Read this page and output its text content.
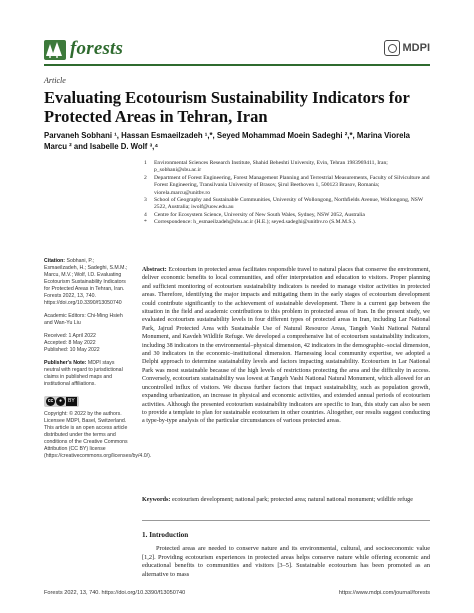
forests	MDPI
Article
Evaluating Ecotourism Sustainability Indicators for Protected Areas in Tehran, Iran
Parvaneh Sobhani ¹, Hassan Esmaeilzadeh ¹,*, Seyed Mohammad Moein Sadeghi ²,*, Marina Viorela Marcu ² and Isabelle D. Wolf ³,⁴
1	Environmental Sciences Research Institute, Shahid Beheshti University, Evin, Tehran 1983969411, Iran; p_sobhani@sbu.ac.ir
2	Department of Forest Engineering, Forest Management Planning and Terrestrial Measurements, Faculty of Silviculture and Forest Engineering, Transilvania University of Brasov, Şirul Beethoven 1, 500123 Brasov, Romania; viorela.marcu@unitbv.ro
3	School of Geography and Sustainable Communities, University of Wollongong, Northfields Avenue, Wollongong, NSW 2522, Australia; iwolf@uow.edu.au
4	Centre for Ecosystem Science, University of New South Wales, Sydney, NSW 2052, Australia
*	Correspondence: h_esmaeilzadeh@sbu.ac.ir (H.E.); seyed.sadeghi@unitbv.ro (S.M.M.S.).

Citation: Sobhani, P.; Esmaeilzadeh, H.; Sadeghi, S.M.M.; Marcu, M.V.; Wolf, I.D. Evaluating Ecotourism Sustainability Indicators for Protected Areas in Tehran, Iran. Forests 2022, 13, 740. https://doi.org/10.3390/f13050740

Academic Editors: Chi-Ming Hsieh and Wan-Yu Liu

Received: 1 April 2022
Accepted: 8 May 2022
Published: 10 May 2022

Publisher's Note: MDPI stays neutral with regard to jurisdictional claims in published maps and institutional affiliations.

cc	●	BY

Copyright: © 2022 by the authors. Licensee MDPI, Basel, Switzerland. This article is an open access article distributed under the terms and conditions of the Creative Commons Attribution (CC BY) license (https://creativecommons.org/licenses/by/4.0/).

Abstract: Ecotourism in protected areas facilitates responsible travel to natural places that conserve the environment, deliver economic benefits to local communities, and offer interpretation and education to visitors. Proper planning and sufficient monitoring of ecotourism sustainability indicators is needed to manage visitor activities in protected areas. Therefore, identifying the major impacts and mitigating them in the early stages of ecotourism development could contribute significantly to the achievement of sustainable development. There is a current gap between the situation in the field and academic contributions to this problem in protected areas of Iran. In the present study, we evaluated ecotourism sustainability levels in four different types of protected areas in Iran, including Lar National Park, Jajrud Protected Area with Sustainable Use of Natural Resource Areas, Tangeh Vashi National Natural Monument, and Kavdeh Wildlife Refuge. We developed a comprehensive list of ecotourism sustainability indicators, including 38 indicators in the environmental–physical dimension, 42 indicators in the demographic–social dimension, and 30 indicators in the economic–institutional dimension. Harnessing local community expertise, we adopted a Delphi approach to determine sustainability levels and factors impacting sustainability. Ecotourism in Lar National Park was most sustainable because of the high levels of restrictions protecting the area and the difficulty in access. Conversely, ecotourism sustainability was lowest at Tangeh Vashi National Natural Monument, which allowed for an uncontrolled influx of visitors. We discuss further factors that impact sustainability, such as population growth, expanding urbanization, an increase in physical and economic activities, and extended annual periods of ecotourism activities. Although the presented ecotourism sustainability indicators are specific to Iran, this study can also be seen to provide a template to plan for sustainable ecotourism in other countries. Altogether, our results suggest conducting a type-by-type analysis of the particular circumstances of various protected areas.

Keywords: ecotourism development; national park; protected area; natural national monument; wildlife refuge

1. Introduction

Protected areas are needed to conserve nature and its environmental, cultural, and socioeconomic value [1,2]. Providing ecotourism experiences in protected areas helps conserve nature while offering economic and educational benefits to communities and visitors [3–5]. Sustainable ecotourism has been promoted as an alternative to mass

Forests 2022, 13, 740. https://doi.org/10.3390/f13050740	https://www.mdpi.com/journal/forests
